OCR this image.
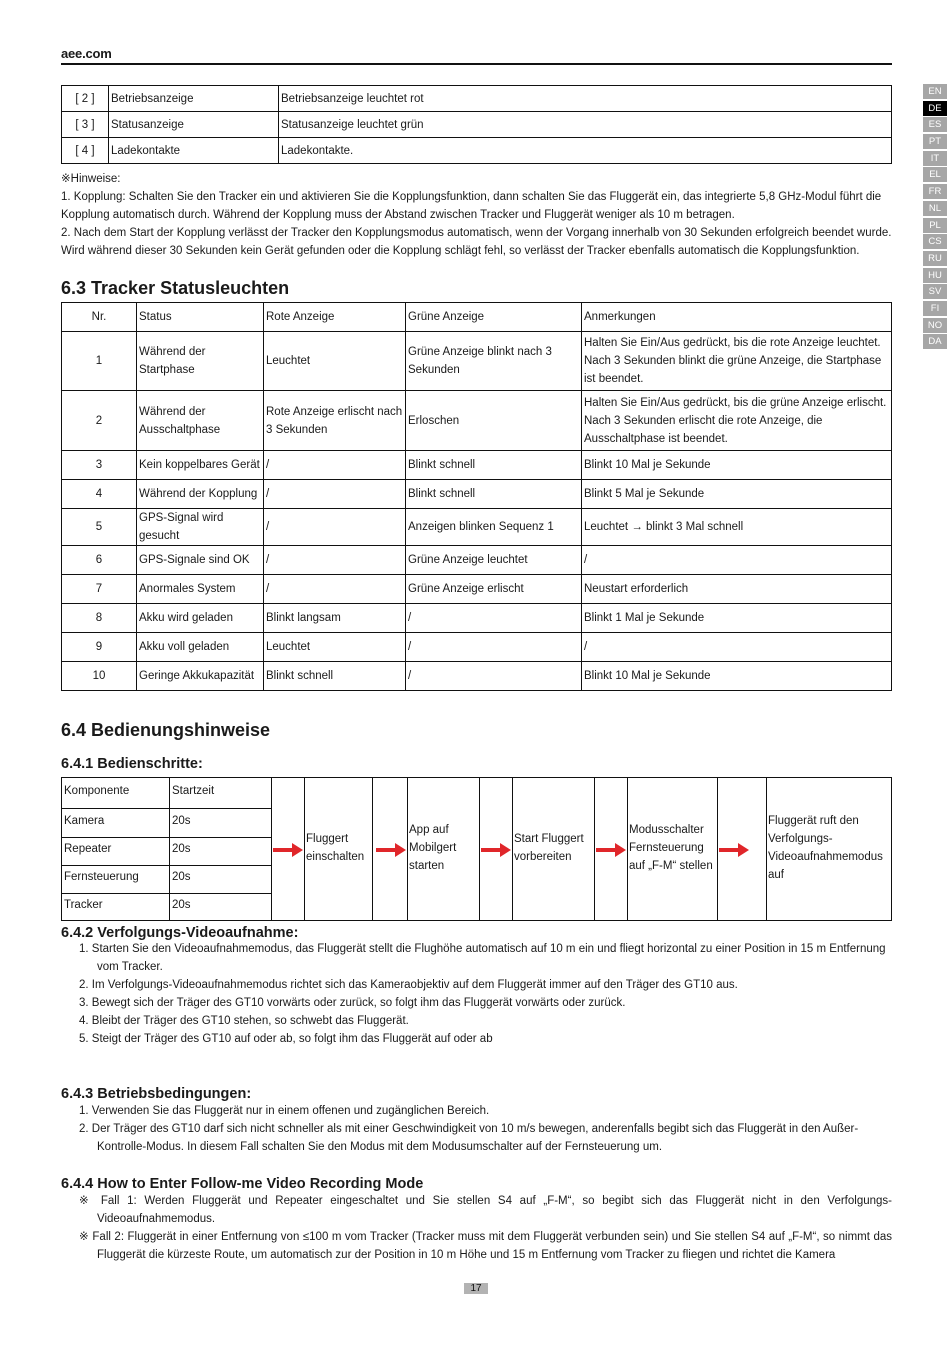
aee.com
EN
DE
ES
PT
IT
EL
FR
NL
PL
CS
RU
HU
SV
FI
NO
DA
[ 2 ]	Betriebsanzeige	Betriebsanzeige leuchtet rot
[ 3 ]	Statusanzeige	Statusanzeige leuchtet grün
[ 4 ]	Ladekontakte	Ladekontakte.

※Hinweise:

1. Kopplung: Schalten Sie den Tracker ein und aktivieren Sie die Kopplungsfunktion, dann schalten Sie das Fluggerät ein, das integrierte 5,8 GHz-Modul führt die Kopplung automatisch durch. Während der Kopplung muss der Abstand zwischen Tracker und Fluggerät weniger als 10 m betragen.

2. Nach dem Start der Kopplung verlässt der Tracker den Kopplungsmodus automatisch, wenn der Vorgang innerhalb von 30 Sekunden erfolgreich beendet wurde. Wird während dieser 30 Sekunden kein Gerät gefunden oder die Kopplung schlägt fehl, so verlässt der Tracker ebenfalls automatisch die Kopplungsfunktion.

6.3 Tracker Statusleuchten
Nr.	Status	Rote Anzeige	Grüne Anzeige	Anmerkungen
1	Während der Startphase	Leuchtet	Grüne Anzeige blinkt nach 3 Sekunden	Halten Sie Ein/Aus gedrückt, bis die rote Anzeige leuchtet. Nach 3 Sekunden blinkt die grüne Anzeige, die Startphase ist beendet.
2	Während der Ausschaltphase	Rote Anzeige erlischt nach 3 Sekunden	Erloschen	Halten Sie Ein/Aus gedrückt, bis die grüne Anzeige erlischt. Nach 3 Sekunden erlischt die rote Anzeige, die Ausschaltphase ist beendet.
3	Kein koppelbares Gerät	/	Blinkt schnell	Blinkt 10 Mal je Sekunde
4	Während der Kopplung	/	Blinkt schnell	Blinkt 5 Mal je Sekunde
5	GPS-Signal wird gesucht	/	Anzeigen blinken Sequenz 1	Leuchtet → blinkt 3 Mal schnell
6	GPS-Signale sind OK	/	Grüne Anzeige leuchtet	/
7	Anormales System	/	Grüne Anzeige erlischt	Neustart erforderlich
8	Akku wird geladen	Blinkt langsam	/	Blinkt 1 Mal je Sekunde
9	Akku voll geladen	Leuchtet	/	/
10	Geringe Akkukapazität	Blinkt schnell	/	Blinkt 10 Mal je Sekunde
6.4 Bedienungshinweise
6.4.1 Bedienschritte:
Komponente	Startzeit
Kamera	20s
Repeater	20s
Fernsteuerung	20s
Tracker	20s
Fluggert einschalten
App auf Mobilgert starten
Start Fluggert vorbereiten
Modusschalter Fernsteuerung auf „F-M“ stellen
Fluggerät ruft den Verfolgungs-Videoaufnahmemodus auf
6.4.2 Verfolgungs-Videoaufnahme:
1. Starten Sie den Videoaufnahmemodus, das Fluggerät stellt die Flughöhe automatisch auf 10 m ein und fliegt horizontal zu einer Position in 15 m Entfernung vom Tracker.
2. Im Verfolgungs-Videoaufnahmemodus richtet sich das Kameraobjektiv auf dem Fluggerät immer auf den Träger des GT10 aus.
3. Bewegt sich der Träger des GT10 vorwärts oder zurück, so folgt ihm das Fluggerät vorwärts oder zurück.
4. Bleibt der Träger des GT10 stehen, so schwebt das Fluggerät.
5. Steigt der Träger des GT10 auf oder ab, so folgt ihm das Fluggerät auf oder ab
6.4.3 Betriebsbedingungen:
1. Verwenden Sie das Fluggerät nur in einem offenen und zugänglichen Bereich.
2. Der Träger des GT10 darf sich nicht schneller als mit einer Geschwindigkeit von 10 m/s bewegen, anderenfalls begibt sich das Fluggerät in den Außer-Kontrolle-Modus. In diesem Fall schalten Sie den Modus mit dem Modusumschalter auf der Fernsteuerung um.
6.4.4 How to Enter Follow-me Video Recording Mode

※ Fall 1: Werden Fluggerät und Repeater eingeschaltet und Sie stellen S4 auf „F-M“, so begibt sich das Fluggerät nicht in den Verfolgungs-Videoaufnahmemodus.

※ Fall 2: Fluggerät in einer Entfernung von ≤100 m vom Tracker (Tracker muss mit dem Fluggerät verbunden sein) und Sie stellen S4 auf „F-M“, so nimmt das Fluggerät die kürzeste Route, um automatisch zur der Position in 10 m Höhe und 15 m Entfernung vom Tracker zu fliegen und richtet die Kamera

17
